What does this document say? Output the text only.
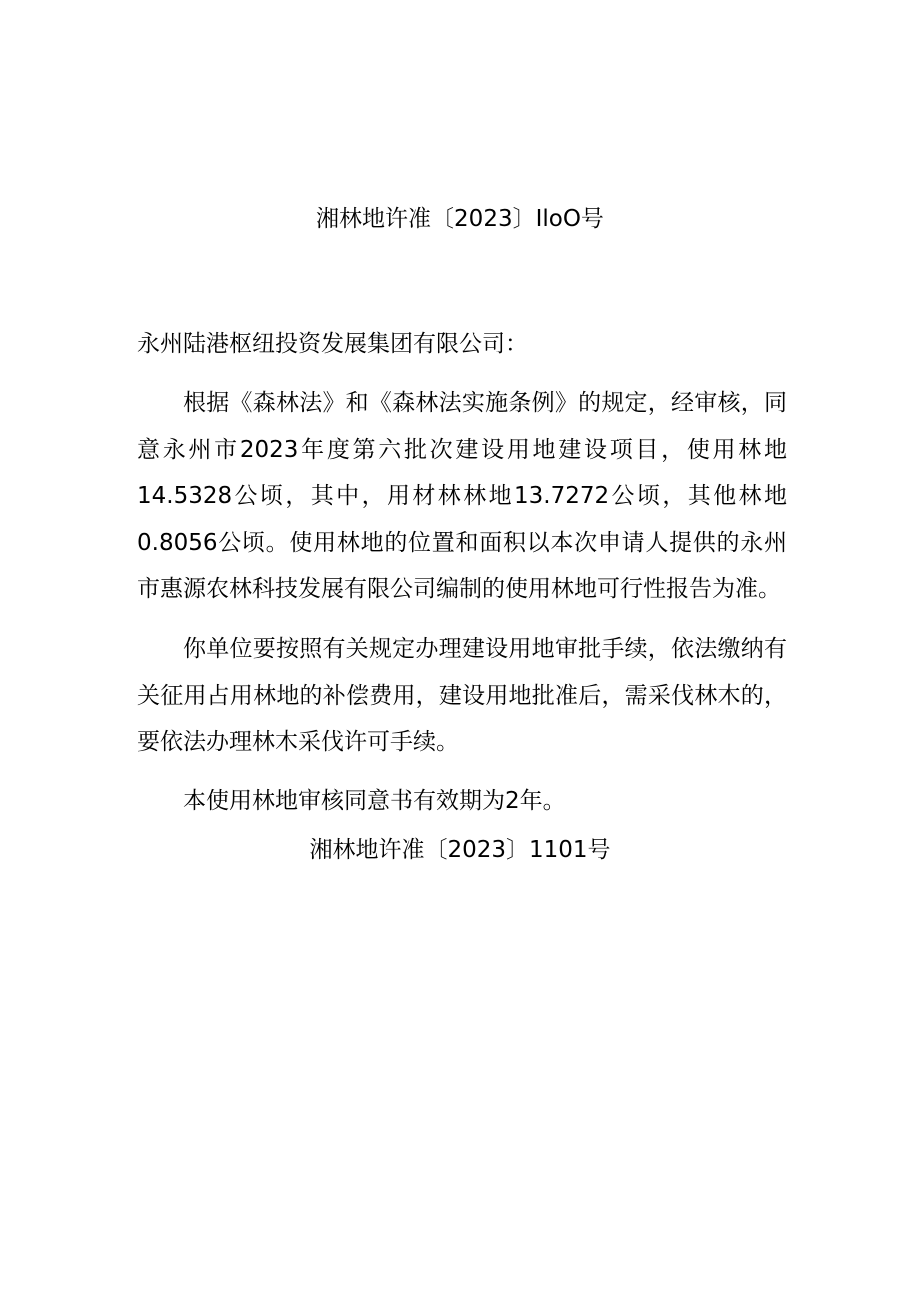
湘林地许准〔2023〕IloO号
永州陆港枢纽投资发展集团有限公司：

根据《森林法》和《森林法实施条例》的规定，经审核，同意永州市2023年度第六批次建设用地建设项目，使用林地14.5328公顷，其中，用材林林地13.7272公顷，其他林地0.8056公顷。使用林地的位置和面积以本次申请人提供的永州市惠源农林科技发展有限公司编制的使用林地可行性报告为准。

你单位要按照有关规定办理建设用地审批手续，依法缴纳有关征用占用林地的补偿费用，建设用地批准后，需采伐林木的，要依法办理林木采伐许可手续。

本使用林地审核同意书有效期为2年。

湘林地许准〔2023〕1101号
